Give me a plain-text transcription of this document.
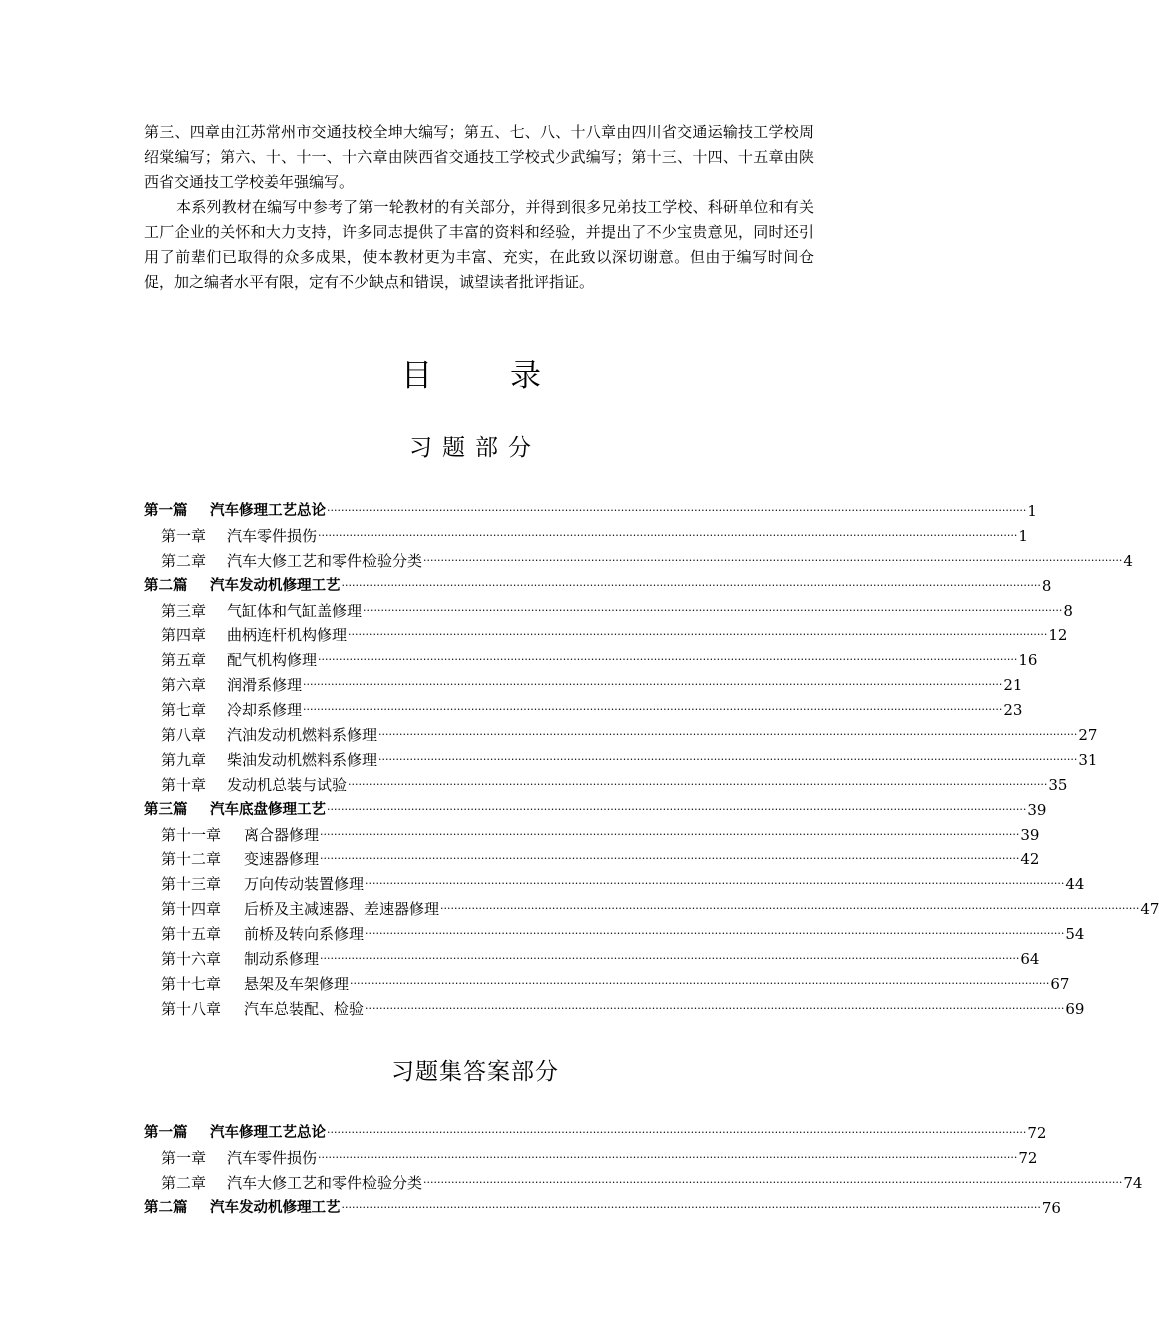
第三、四章由江苏常州市交通技校全坤大编写；第五、七、八、十八章由四川省交通运输技工学校周绍棠编写；第六、十、十一、十六章由陕西省交通技工学校式少武编写；第十三、十四、十五章由陕西省交通技工学校姜年强编写。

本系列教材在编写中参考了第一轮教材的有关部分，并得到很多兄弟技工学校、科研单位和有关工厂企业的关怀和大力支持，许多同志提供了丰富的资料和经验，并提出了不少宝贵意见，同时还引用了前辈们已取得的众多成果，使本教材更为丰富、充实，在此致以深切谢意。但由于编写时间仓促，加之编者水平有限，定有不少缺点和错误，诚望读者批评指证。

目 录
习题部分
第一篇	汽车修理工艺总论 ········································································································································································································ 1
第一章	汽车零件损伤 ········································································································································································································ 1
第二章	汽车大修工艺和零件检验分类 ········································································································································································································ 4
第二篇	汽车发动机修理工艺 ········································································································································································································ 8
第三章	气缸体和气缸盖修理 ········································································································································································································ 8
第四章	曲柄连杆机构修理 ········································································································································································································ 12
第五章	配气机构修理 ········································································································································································································ 16
第六章	润滑系修理 ········································································································································································································ 21
第七章	冷却系修理 ········································································································································································································ 23
第八章	汽油发动机燃料系修理 ········································································································································································································ 27
第九章	柴油发动机燃料系修理 ········································································································································································································ 31
第十章	发动机总装与试验 ········································································································································································································ 35
第三篇	汽车底盘修理工艺 ········································································································································································································ 39
第十一章	离合器修理 ········································································································································································································ 39
第十二章	变速器修理 ········································································································································································································ 42
第十三章	万向传动装置修理 ········································································································································································································ 44
第十四章	后桥及主减速器、差速器修理 ········································································································································································································ 47
第十五章	前桥及转向系修理 ········································································································································································································ 54
第十六章	制动系修理 ········································································································································································································ 64
第十七章	悬架及车架修理 ········································································································································································································ 67
第十八章	汽车总装配、检验 ········································································································································································································ 69
习题集答案部分
第一篇	汽车修理工艺总论 ········································································································································································································ 72
第一章	汽车零件损伤 ········································································································································································································ 72
第二章	汽车大修工艺和零件检验分类 ········································································································································································································ 74
第二篇	汽车发动机修理工艺 ········································································································································································································ 76
